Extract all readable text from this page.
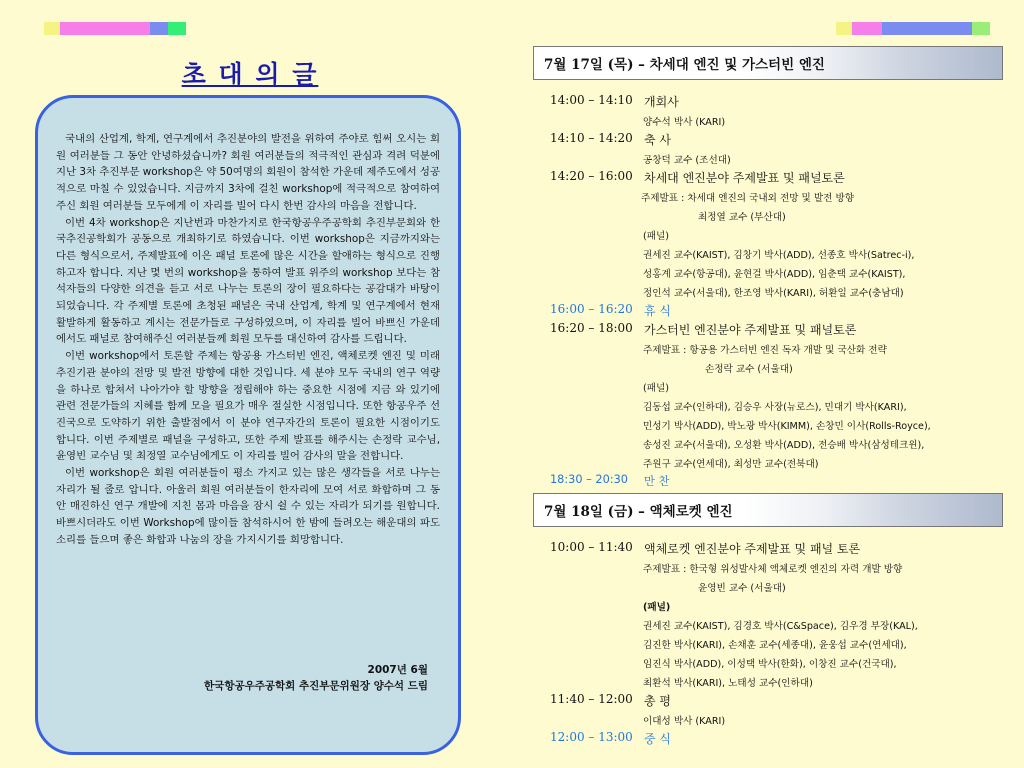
초 대 의 글

국내의 산업계, 학계, 연구계에서 추진분야의 발전을 위하여 주야로 힘써 오시는 회원 여러분들 그 동안 안녕하셨습니까? 회원 여러분들의 적극적인 관심과 격려 덕분에 지난 3차 추진부문 workshop은 약 50여명의 회원이 참석한 가운데 제주도에서 성공적으로 마칠 수 있었습니다. 지금까지 3차에 걸친 workshop에 적극적으로 참여하여 주신 회원 여러분들 모두에게 이 자리를 빌어 다시 한번 감사의 마음을 전합니다.

이번 4차 workshop은 지난번과 마찬가지로 한국항공우주공학회 추진부문회와 한국추진공학회가 공동으로 개최하기로 하였습니다. 이번 workshop은 지금까지와는 다른 형식으로서, 주제발표에 이은 패널 토론에 많은 시간을 할애하는 형식으로 진행하고자 합니다. 지난 몇 번의 workshop을 통하여 발표 위주의 workshop 보다는 참석자들의 다양한 의견을 듣고 서로 나누는 토론의 장이 필요하다는 공감대가 바탕이 되었습니다. 각 주제별 토론에 초청된 패널은 국내 산업계, 학계 및 연구계에서 현재 활발하게 활동하고 계시는 전문가들로 구성하였으며, 이 자리를 빌어 바쁘신 가운데에서도 패널로 참여해주신 여러분들께 회원 모두를 대신하여 감사를 드립니다.

이번 workshop에서 토론할 주제는 항공용 가스터빈 엔진, 액체로켓 엔진 및 미래 추진기관 분야의 전망 및 발전 방향에 대한 것입니다. 세 분야 모두 국내의 연구 역량을 하나로 합쳐서 나아가야 할 방향을 정립해야 하는 중요한 시점에 지금 와 있기에 관련 전문가들의 지혜를 함께 모을 필요가 매우 절실한 시점입니다. 또한 항공우주 선진국으로 도약하기 위한 출발점에서 이 분야 연구자간의 토론이 필요한 시점이기도 합니다. 이번 주제별로 패널을 구성하고, 또한 주제 발표를 해주시는 손정락 교수님, 윤영빈 교수님 및 최정열 교수님에게도 이 자리를 빌어 감사의 말을 전합니다.

이번 workshop은 회원 여러분들이 평소 가지고 있는 많은 생각들을 서로 나누는 자리가 될 줄로 압니다. 아울러 회원 여러분들이 한자리에 모여 서로 화합하며 그 동안 매진하신 연구 개발에 지친 몸과 마음을 잠시 쉴 수 있는 자리가 되기를 원합니다. 바쁘시더라도 이번 Workshop에 많이들 참석하시어 한 밤에 들려오는 해운대의 파도소리를 들으며 좋은 화합과 나눔의 장을 가지시기를 희망합니다.

2007년 6월
한국항공우주공학회 추진부문위원장 양수석 드림
7월 17일 (목) – 차세대 엔진 및 가스터빈 엔진
14:00 – 14:10 개회사
양수석 박사 (KARI)
14:10 – 14:20 축 사
공창덕 교수 (조선대)
14:20 – 16:00 차세대 엔진분야 주제발표 및 패널토론
주제발표 : 차세대 엔진의 국내외 전망 및 발전 방향
최정열 교수 (부산대)
(패널)
권세진 교수(KAIST), 김창기 박사(ADD), 선종호 박사(Satrec-i),
성홍계 교수(항공대), 윤현걸 박사(ADD), 임춘택 교수(KAIST),
정인석 교수(서울대), 한조영 박사(KARI), 허환일 교수(충남대)
16:00 – 16:20 휴 식
16:20 – 18:00 가스터빈 엔진분야 주제발표 및 패널토론
주제발표 : 항공용 가스터빈 엔진 독자 개발 및 국산화 전략
손정락 교수 (서울대)
(패널)
김동섭 교수(인하대), 김승우 사장(뉴로스), 민대기 박사(KARI),
민성기 박사(ADD), 박노광 박사(KIMM), 손창민 이사(Rolls-Royce),
송성진 교수(서울대), 오성환 박사(ADD), 전승배 박사(삼성테크윈),
주원구 교수(연세대), 최성만 교수(전북대)
18:30 – 20:30 만 찬
7월 18일 (금) – 액체로켓 엔진
10:00 – 11:40 액체로켓 엔진분야 주제발표 및 패널 토론
주제발표 : 한국형 위성발사체 액체로켓 엔진의 자력 개발 방향
윤영빈 교수 (서울대)
(패널)
권세진 교수(KAIST), 김경호 박사(C&Space), 김우경 부장(KAL),
김진한 박사(KARI), 손채훈 교수(세종대), 윤웅섭 교수(연세대),
임진식 박사(ADD), 이성택 박사(한화), 이창진 교수(건국대),
최환석 박사(KARI), 노태성 교수(인하대)
11:40 – 12:00 총 평
이대성 박사 (KARI)
12:00 – 13:00 중 식
